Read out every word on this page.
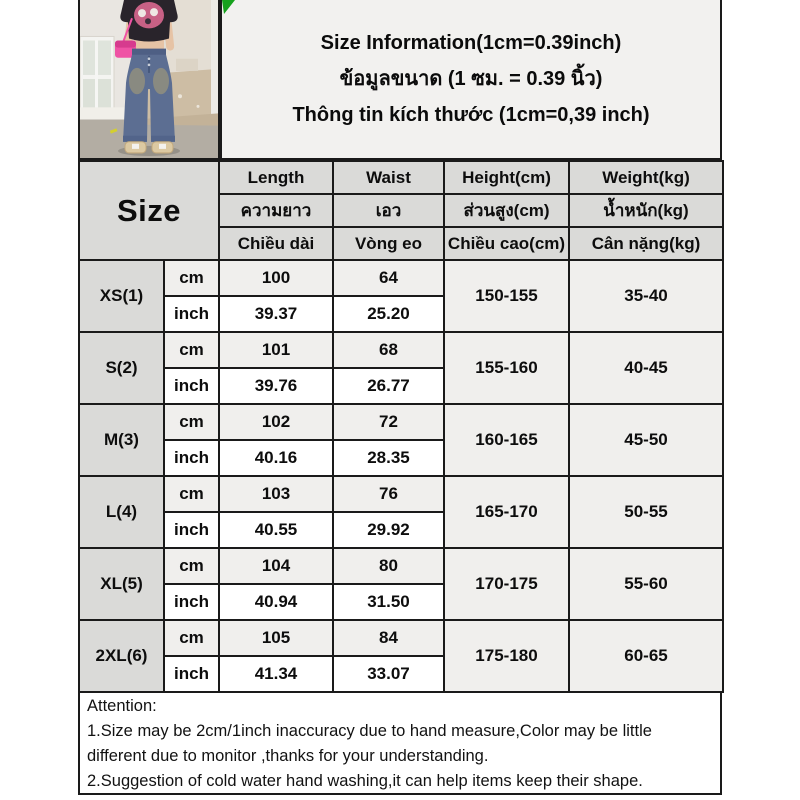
Size Information(1cm=0.39inch)
ข้อมูลขนาด (1 ซม. = 0.39 นิ้ว)
Thông tin kích thước (1cm=0,39 inch)
Size		Length	Waist	Height(cm)	Weight(kg)
		ความยาว	เอว	ส่วนสูง(cm)	น้ำหนัก(kg)
		Chiều dài	Vòng eo	Chiều cao(cm)	Cân nặng(kg)
XS(1)	cm	100	64	150-155	35-40
	inch	39.37	25.20		
S(2)	cm	101	68	155-160	40-45
	inch	39.76	26.77		
M(3)	cm	102	72	160-165	45-50
	inch	40.16	28.35		
L(4)	cm	103	76	165-170	50-55
	inch	40.55	29.92		
XL(5)	cm	104	80	170-175	55-60
	inch	40.94	31.50		
2XL(6)	cm	105	84	175-180	60-65
	inch	41.34	33.07		
Attention:
1.Size may be 2cm/1inch inaccuracy due to hand measure,Color may be little different due to monitor ,thanks for your understanding.
2.Suggestion of cold water hand washing,it can help items keep their shape.
